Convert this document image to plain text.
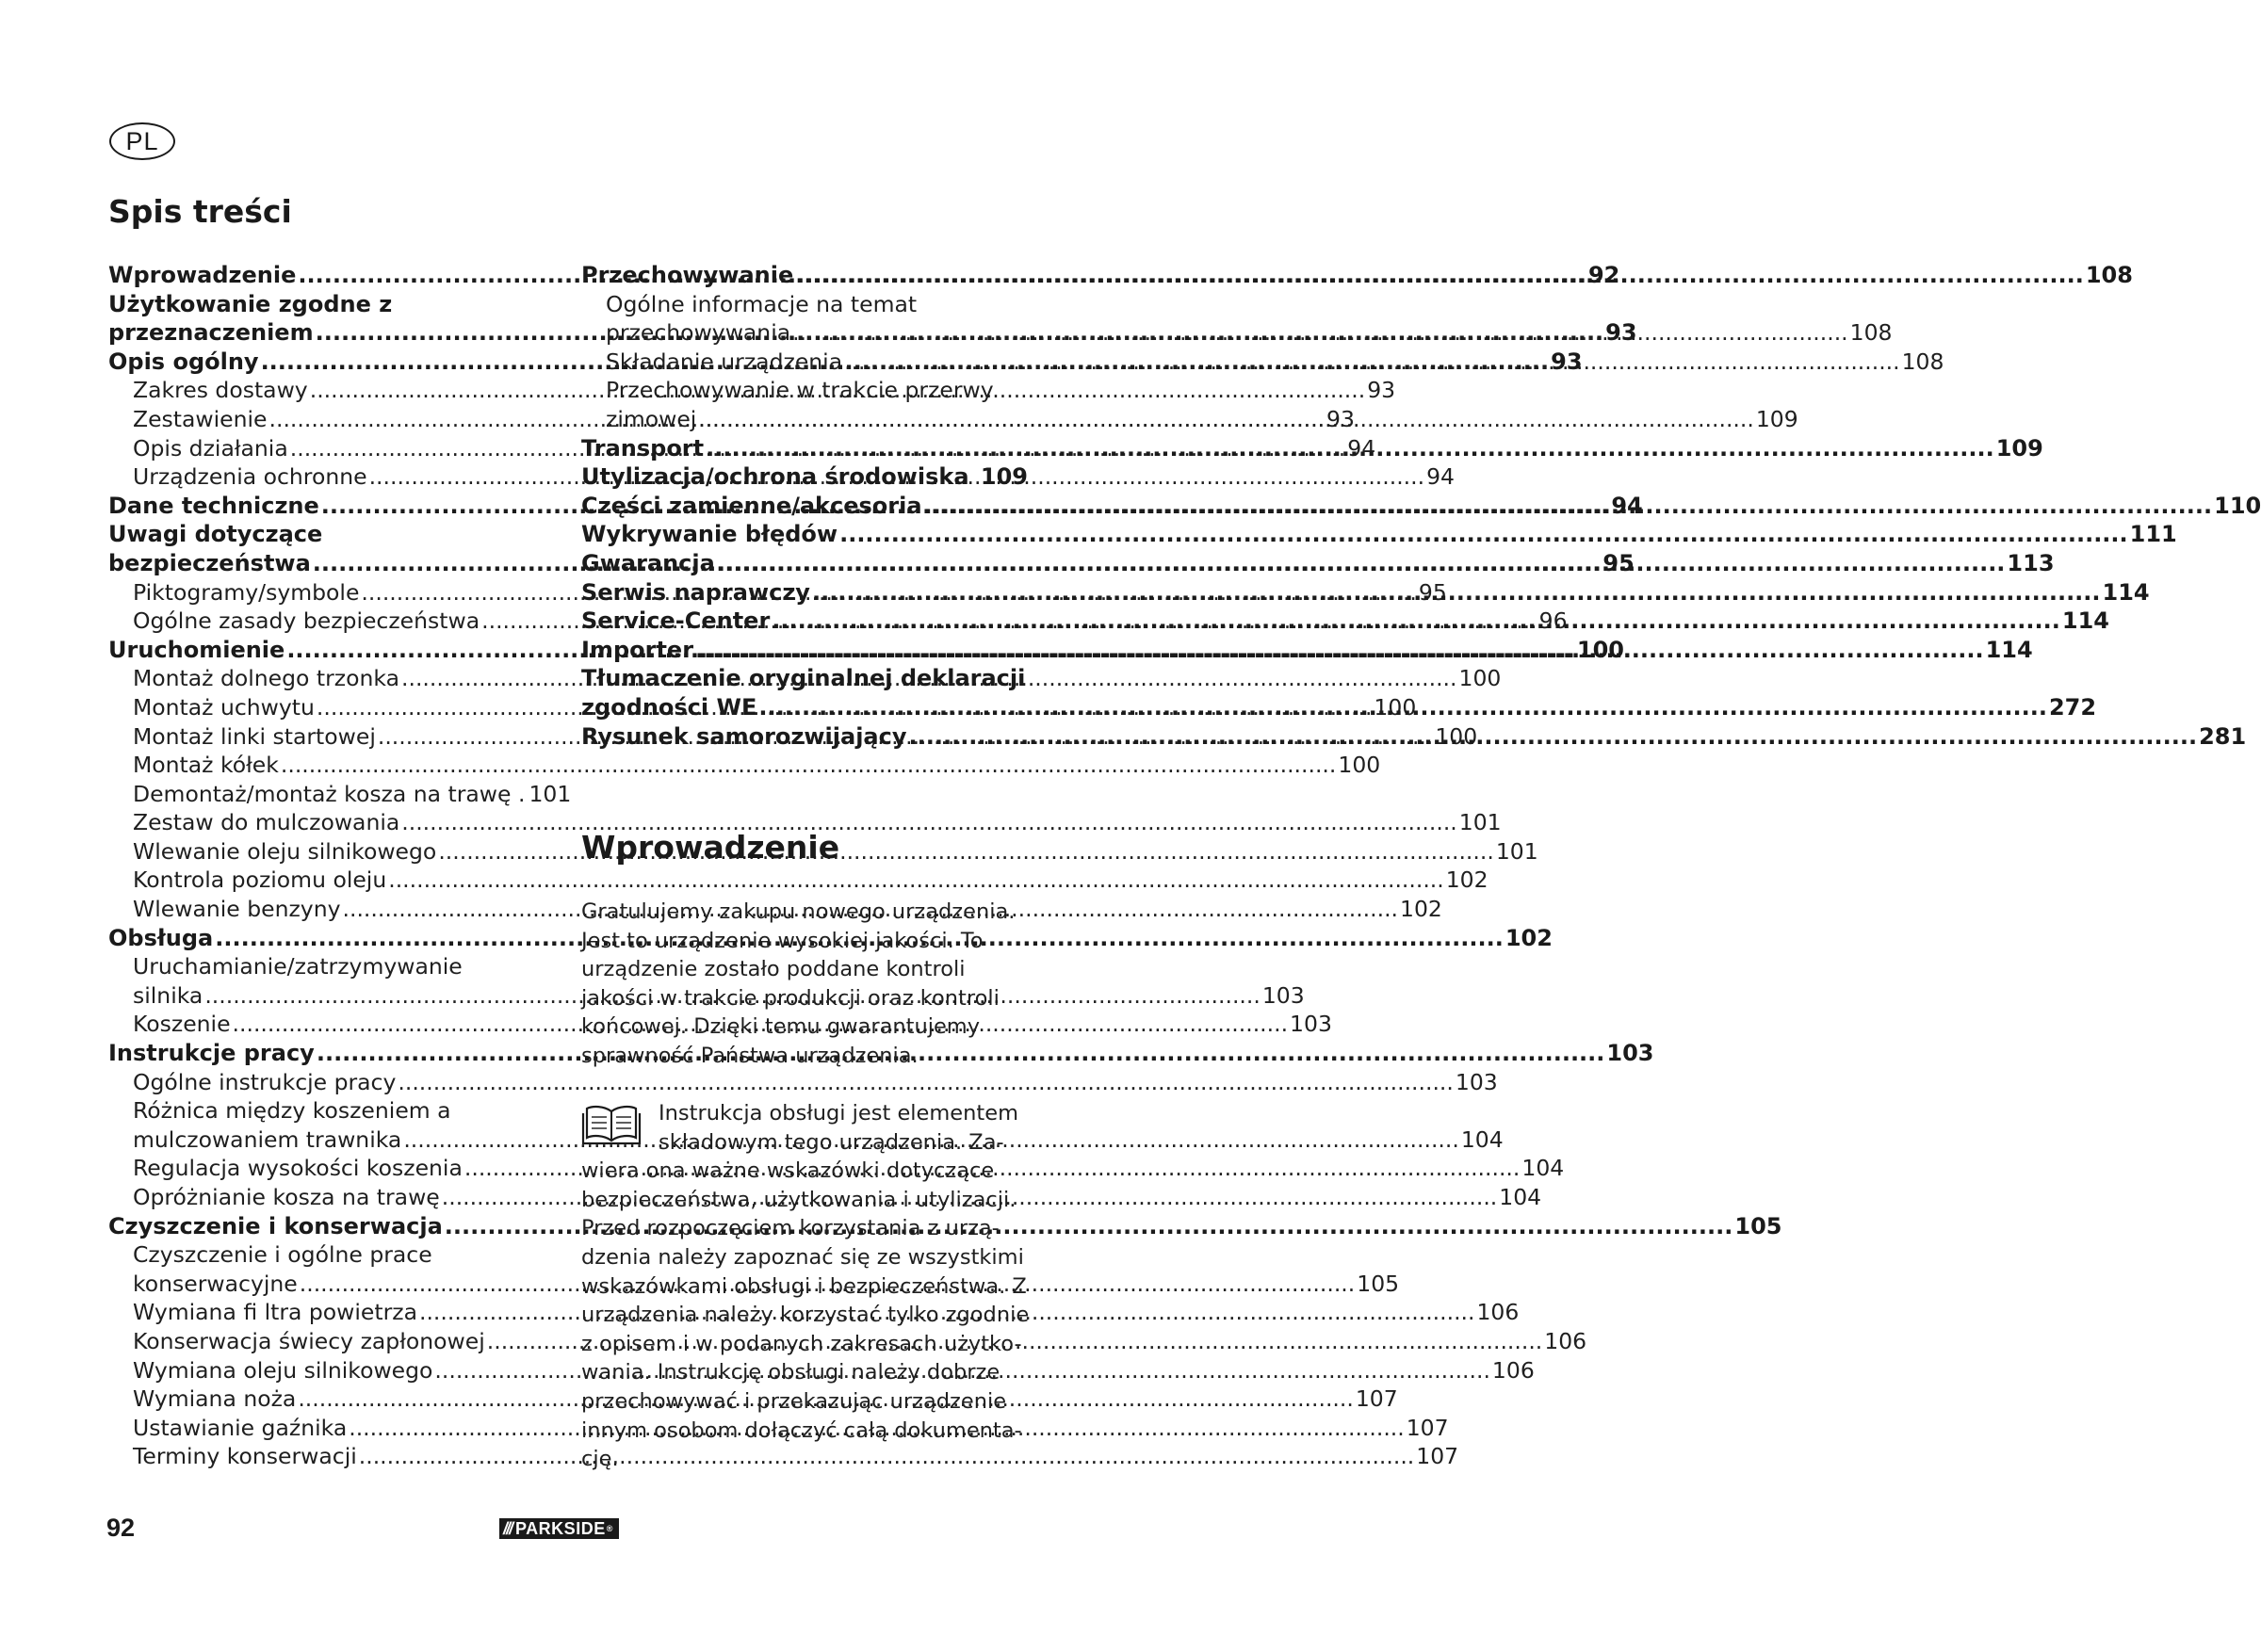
PL
Spis treści
Wprowadzenie .....	92
Użytkowanie zgodne z
przeznaczeniem .....	93
Opis ogólny .....	93
Zakres dostawy .....	93
Zestawienie .....	93
Opis działania .....	94
Urządzenia ochronne .....	94
Dane techniczne .....	94
Uwagi dotyczące
bezpieczeństwa .....	95
Piktogramy/symbole .....	95
Ogólne zasady bezpieczeństwa .....	96
Uruchomienie .....	100
Montaż dolnego trzonka .....	100
Montaż uchwytu .....	100
Montaż linki startowej .....	100
Montaż kółek .....	100
Demontaż/montaż kosza na trawę . 101
Zestaw do mulczowania .....	101
Wlewanie oleju silnikowego .....	101
Kontrola poziomu oleju .....	102
Wlewanie benzyny .....	102
Obsługa .....	102
Uruchamianie/zatrzymywanie
silnika .....	103
Koszenie .....	103
Instrukcje pracy .....	103
Ogólne instrukcje pracy .....	103
Różnica między koszeniem a
mulczowaniem trawnika .....	104
Regulacja wysokości koszenia .....	104
Opróżnianie kosza na trawę .....	104
Czyszczenie i konserwacja .....	105
Czyszczenie i ogólne prace
konserwacyjne .....	105
Wymiana fi ltra powietrza .....	106
Konserwacja świecy zapłonowej .....	106
Wymiana oleju silnikowego .....	106
Wymiana noża .....	107
Ustawianie gaźnika .....	107
Terminy konserwacji .....	107
Przechowywanie .....	108
Ogólne informacje na temat
przechowywania .....	108
Składanie urządzenia .....	108
Przechowywanie w trakcie przerwy
zimowej .....	109
Transport .....	109
Utylizacja/ochrona środowiska 109
Części zamienne/akcesoria .....	110
Wykrywanie błędów .....	111
Gwarancja .....	113
Serwis naprawczy .....	114
Service-Center .....	114
Importer .....	114
Tłumaczenie oryginalnej deklaracji
zgodności WE .....	272
Rysunek samorozwijający .....	281
Wprowadzenie

Gratulujemy zakupu nowego urządzenia. Jest to urządzenie wysokiej jakości. To urządzenie zostało poddane kontroli jakości w trakcie produkcji oraz kontroli końcowej. Dzięki temu gwarantujemy sprawność Państwa urządzenia.

Instrukcja obsługi jest elementem
składowym tego urządzenia. Za-
wiera ona ważne wskazówki dotyczące
bezpieczeństwa, użytkowania i utylizacji.
Przed rozpoczęciem korzystania z urzą-
dzenia należy zapoznać się ze wszystkimi
wskazówkami obsługi i bezpieczeństwa. Z
urządzenia należy korzystać tylko zgodnie
z opisem i w podanych zakresach użytko-
wania. Instrukcję obsługi należy dobrze
przechowywać i przekazując urządzenie
innym osobom dołączyć całą dokumenta-
cję.
92	/// PARKSIDE ®
